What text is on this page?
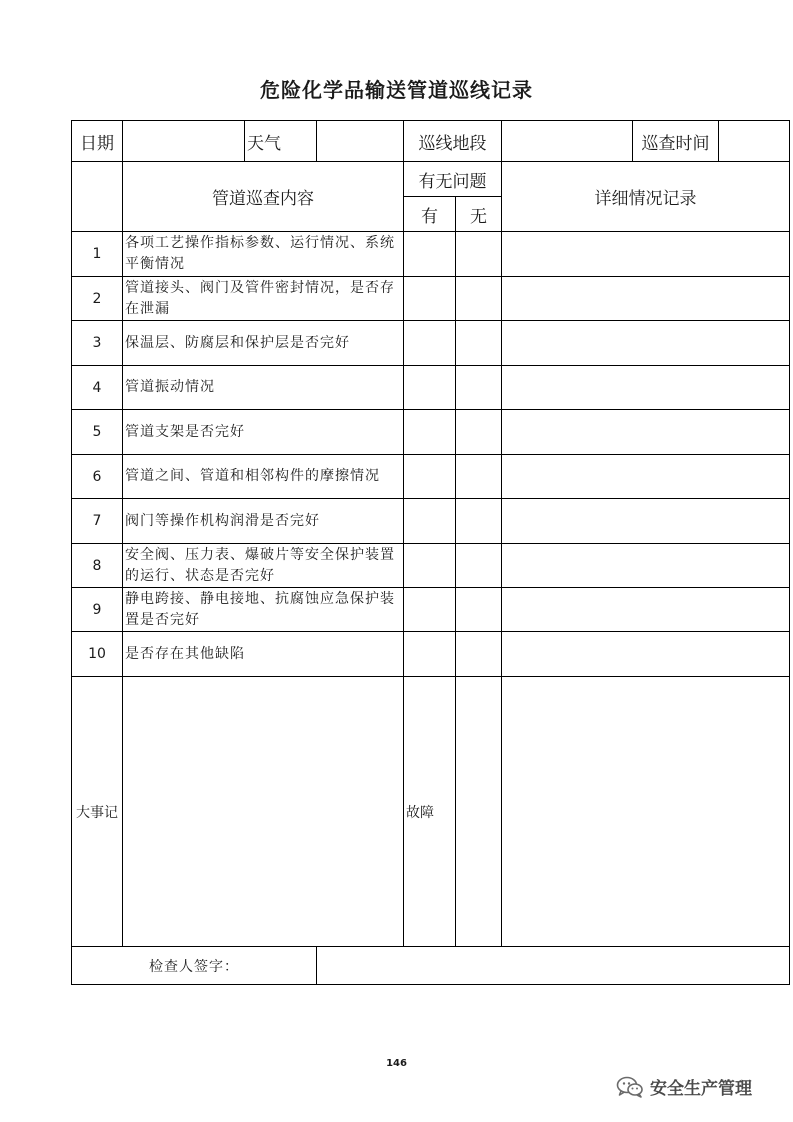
危险化学品输送管道巡线记录
日期		天气		巡线地段			巡查时间	
	管道巡查内容			有无问题		详细情况记录		
				有	无			
1	各项工艺操作指标参数、运行情况、系统平衡情况							
2	管道接头、阀门及管件密封情况，是否存在泄漏							
3	保温层、防腐层和保护层是否完好							
4	管道振动情况							
5	管道支架是否完好							
6	管道之间、管道和相邻构件的摩擦情况							
7	阀门等操作机构润滑是否完好							
8	安全阀、压力表、爆破片等安全保护装置的运行、状态是否完好							
9	静电跨接、静电接地、抗腐蚀应急保护装置是否完好							
10	是否存在其他缺陷							
大事记				故障				
检查人签字：								
146
安全生产管理
